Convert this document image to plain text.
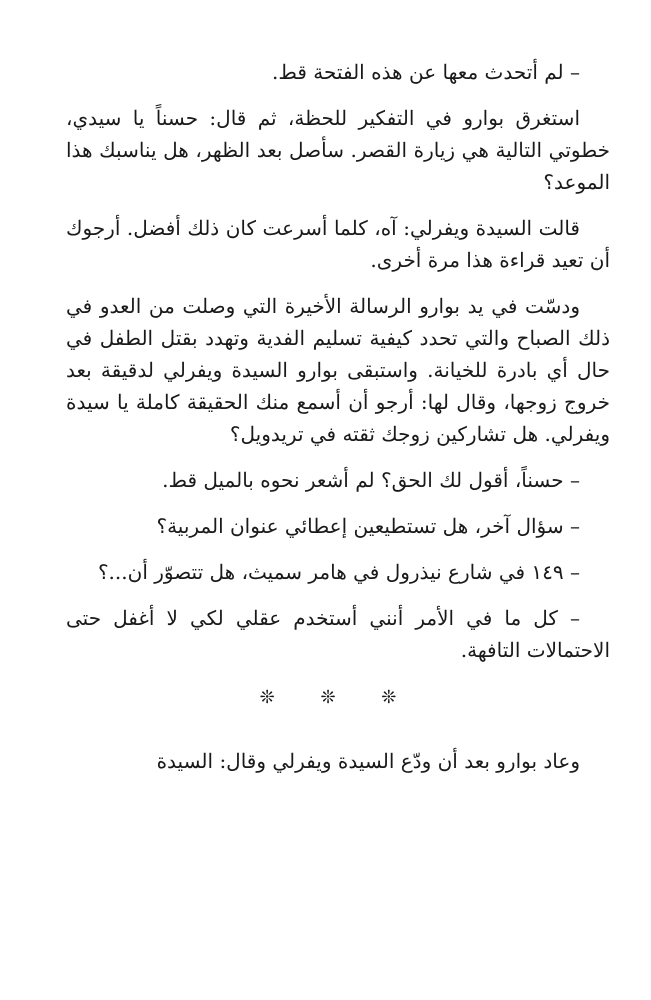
– لم أتحدث معها عن هذه الفتحة قط.

استغرق بوارو في التفكير للحظة، ثم قال: حسناً يا سيدي، خطوتي التالية هي زيارة القصر. سأصل بعد الظهر، هل يناسبك هذا الموعد؟

قالت السيدة ويفرلي: آه، كلما أسرعت كان ذلك أفضل. أرجوك أن تعيد قراءة هذا مرة أخرى.

ودسّت في يد بوارو الرسالة الأخيرة التي وصلت من العدو في ذلك الصباح والتي تحدد كيفية تسليم الفدية وتهدد بقتل الطفل في حال أي بادرة للخيانة. واستبقى بوارو السيدة ويفرلي لدقيقة بعد خروج زوجها، وقال لها: أرجو أن أسمع منك الحقيقة كاملة يا سيدة ويفرلي. هل تشاركين زوجك ثقته في تريدويل؟

– حسناً، أقول لك الحق؟ لم أشعر نحوه بالميل قط.

– سؤال آخر، هل تستطيعين إعطائي عنوان المربية؟

– ١٤٩ في شارع نيذرول في هامر سميث، هل تتصوّر أن...؟

– كل ما في الأمر أنني أستخدم عقلي لكي لا أغفل حتى الاحتمالات التافهة.

❊ ❊ ❊

وعاد بوارو بعد أن ودّع السيدة ويفرلي وقال: السيدة
